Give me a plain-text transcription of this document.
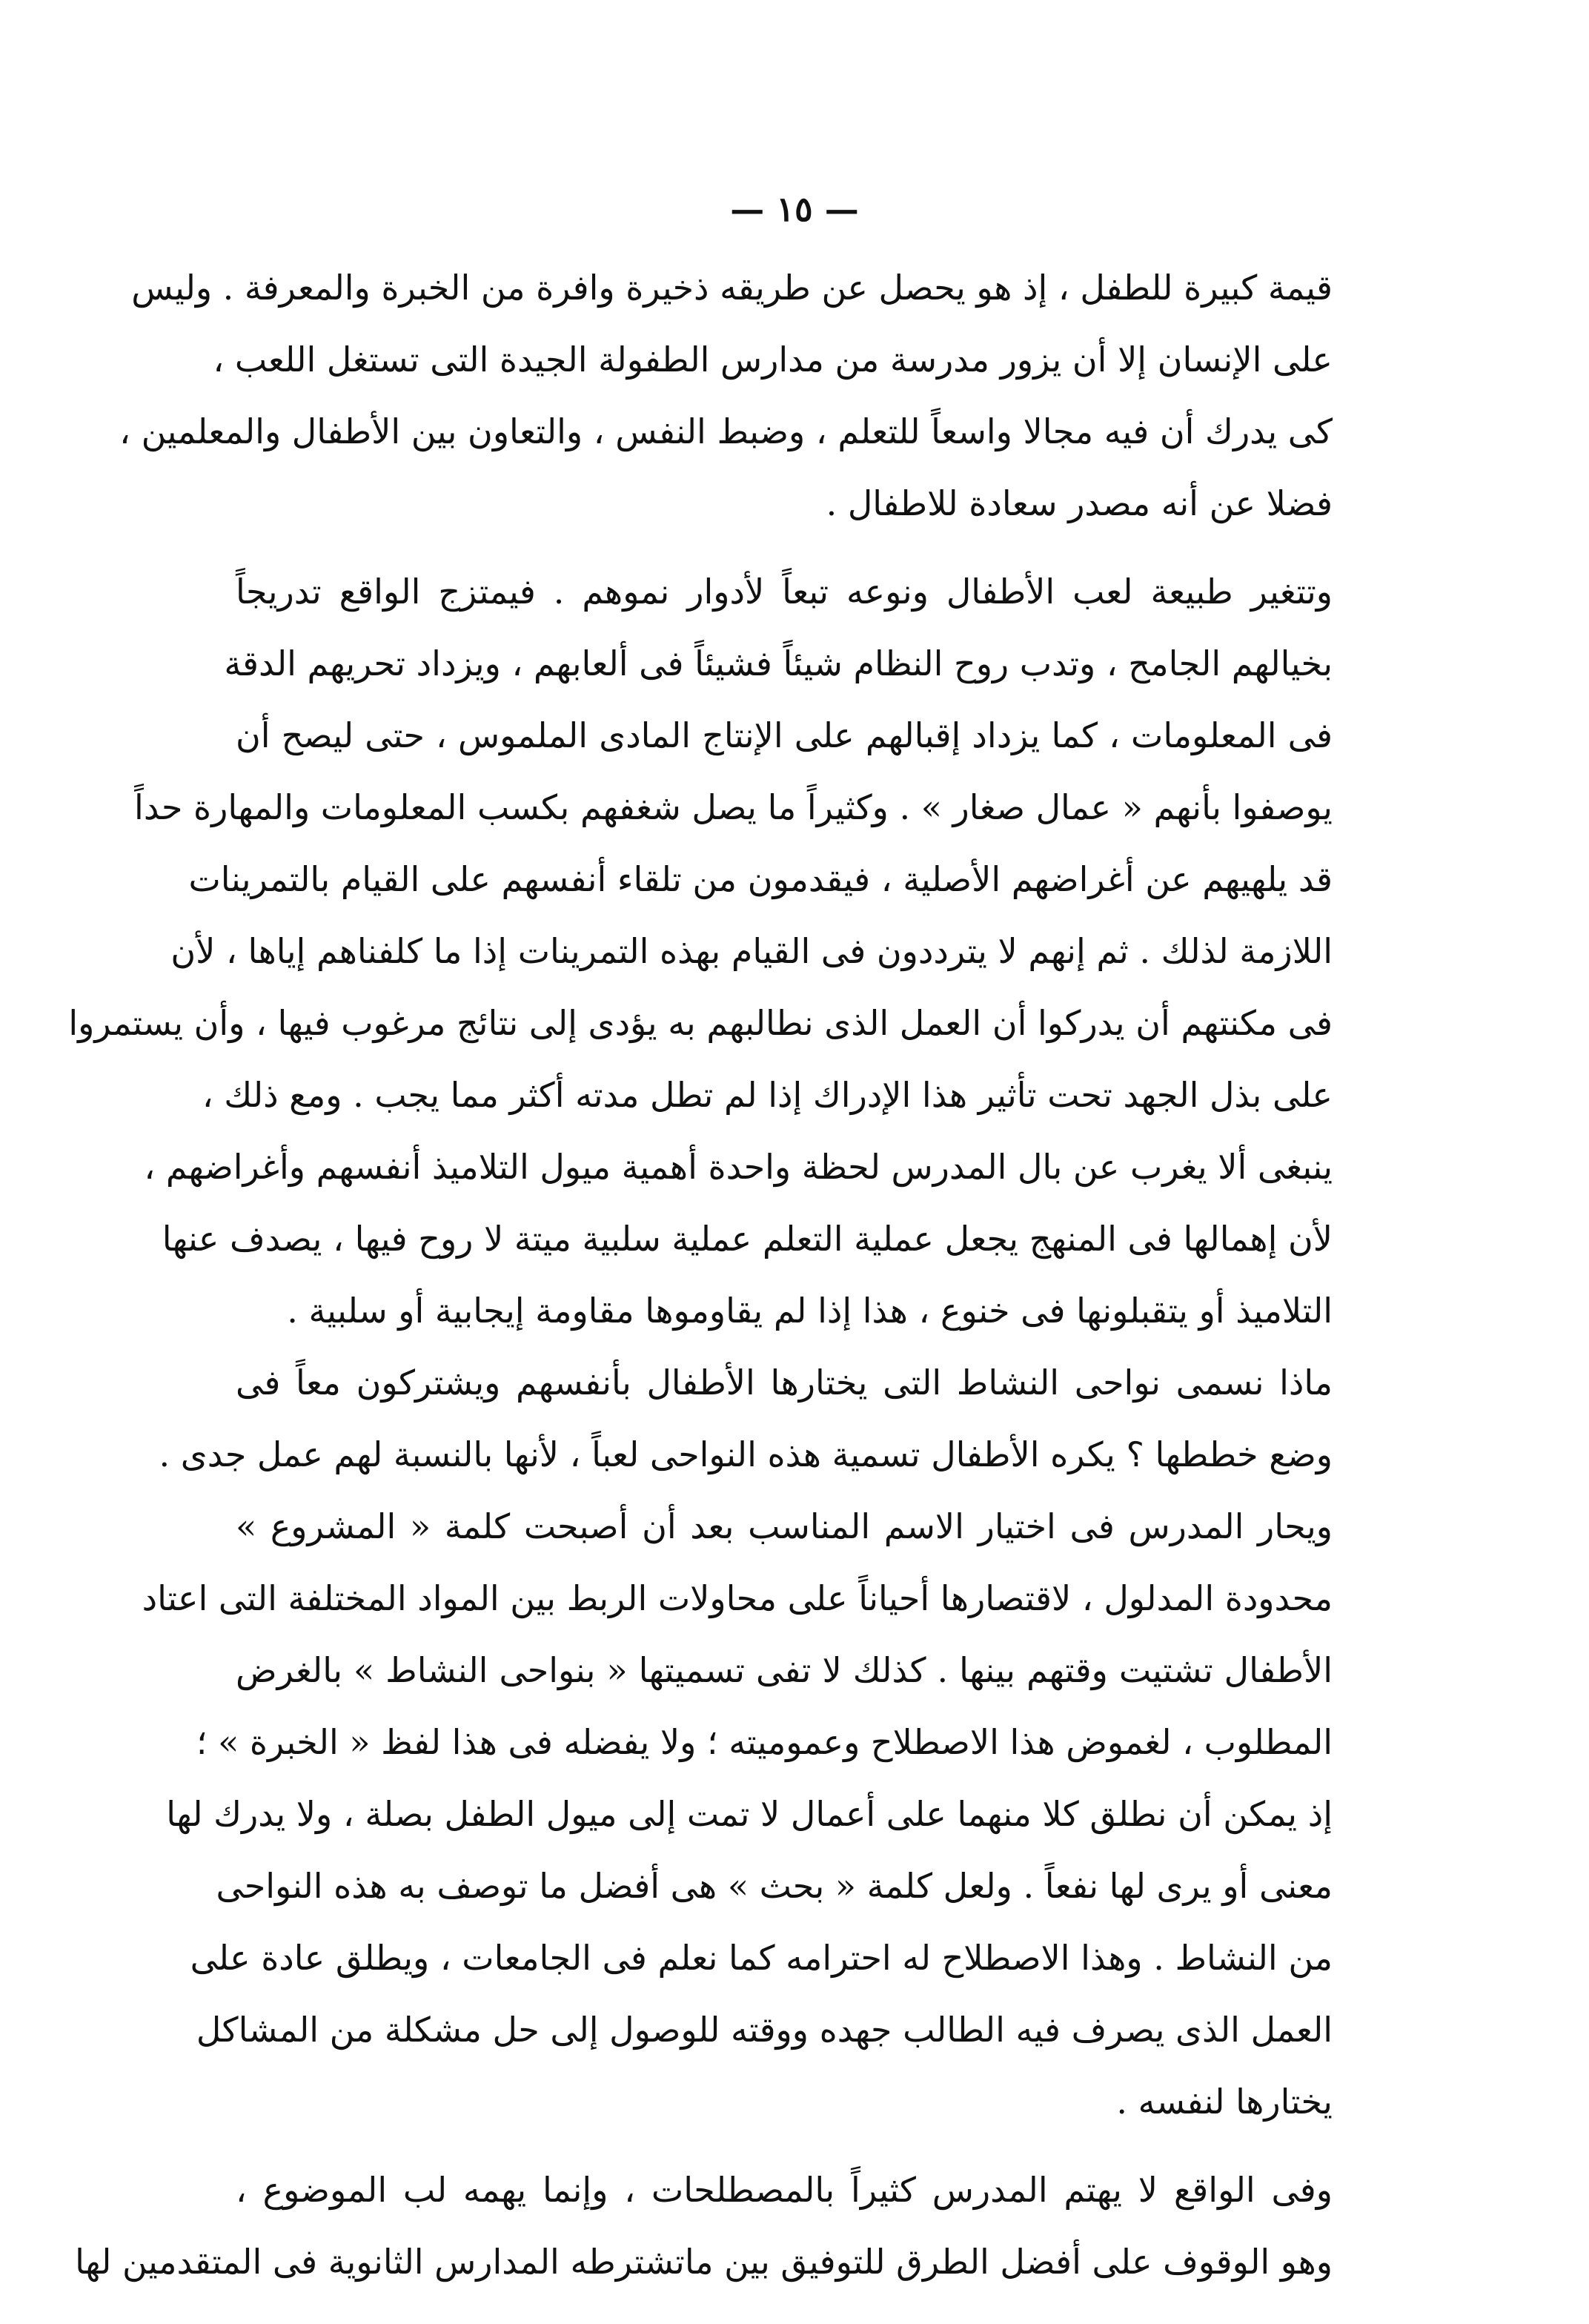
— ١٥ —
قيمة كبيرة للطفل ، إذ هو يحصل عن طريقه ذخيرة وافرة من الخبرة والمعرفة . وليس
على الإنسان إلا أن يزور مدرسة من مدارس الطفولة الجيدة التى تستغل اللعب ،
كى يدرك أن فيه مجالا واسعاً للتعلم ، وضبط النفس ، والتعاون بين الأطفال والمعلمين ،
فضلا عن أنه مصدر سعادة للاطفال .
وتتغير طبيعة لعب الأطفال ونوعه تبعاً لأدوار نموهم . فيمتزج الواقع تدريجاً
بخيالهم الجامح ، وتدب روح النظام شيئاً فشيئاً فى ألعابهم ، ويزداد تحريهم الدقة
فى المعلومات ، كما يزداد إقبالهم على الإنتاج المادى الملموس ، حتى ليصح أن
يوصفوا بأنهم « عمال صغار » . وكثيراً ما يصل شغفهم بكسب المعلومات والمهارة حداً
قد يلهيهم عن أغراضهم الأصلية ، فيقدمون من تلقاء أنفسهم على القيام بالتمرينات
اللازمة لذلك . ثم إنهم لا يترددون فى القيام بهذه التمرينات إذا ما كلفناهم إياها ، لأن
فى مكنتهم أن يدركوا أن العمل الذى نطالبهم به يؤدى إلى نتائج مرغوب فيها ، وأن يستمروا
على بذل الجهد تحت تأثير هذا الإدراك إذا لم تطل مدته أكثر مما يجب . ومع ذلك ،
ينبغى ألا يغرب عن بال المدرس لحظة واحدة أهمية ميول التلاميذ أنفسهم وأغراضهم ،
لأن إهمالها فى المنهج يجعل عملية التعلم عملية سلبية ميتة لا روح فيها ، يصدف عنها
التلاميذ أو يتقبلونها فى خنوع ، هذا إذا لم يقاوموها مقاومة إيجابية أو سلبية .
ماذا نسمى نواحى النشاط التى يختارها الأطفال بأنفسهم ويشتركون معاً فى
وضع خططها ؟ يكره الأطفال تسمية هذه النواحى لعباً ، لأنها بالنسبة لهم عمل جدى .
ويحار المدرس فى اختيار الاسم المناسب بعد أن أصبحت كلمة « المشروع »
محدودة المدلول ، لاقتصارها أحياناً على محاولات الربط بين المواد المختلفة التى اعتاد
الأطفال تشتيت وقتهم بينها . كذلك لا تفى تسميتها « بنواحى النشاط » بالغرض
المطلوب ، لغموض هذا الاصطلاح وعموميته ؛ ولا يفضله فى هذا لفظ « الخبرة » ؛
إذ يمكن أن نطلق كلا منهما على أعمال لا تمت إلى ميول الطفل بصلة ، ولا يدرك لها
معنى أو يرى لها نفعاً . ولعل كلمة « بحث » هى أفضل ما توصف به هذه النواحى
من النشاط . وهذا الاصطلاح له احترامه كما نعلم فى الجامعات ، ويطلق عادة على
العمل الذى يصرف فيه الطالب جهده ووقته للوصول إلى حل مشكلة من المشاكل
يختارها لنفسه .
وفى الواقع لا يهتم المدرس كثيراً بالمصطلحات ، وإنما يهمه لب الموضوع ،
وهو الوقوف على أفضل الطرق للتوفيق بين ماتشترطه المدارس الثانوية فى المتقدمين لها
